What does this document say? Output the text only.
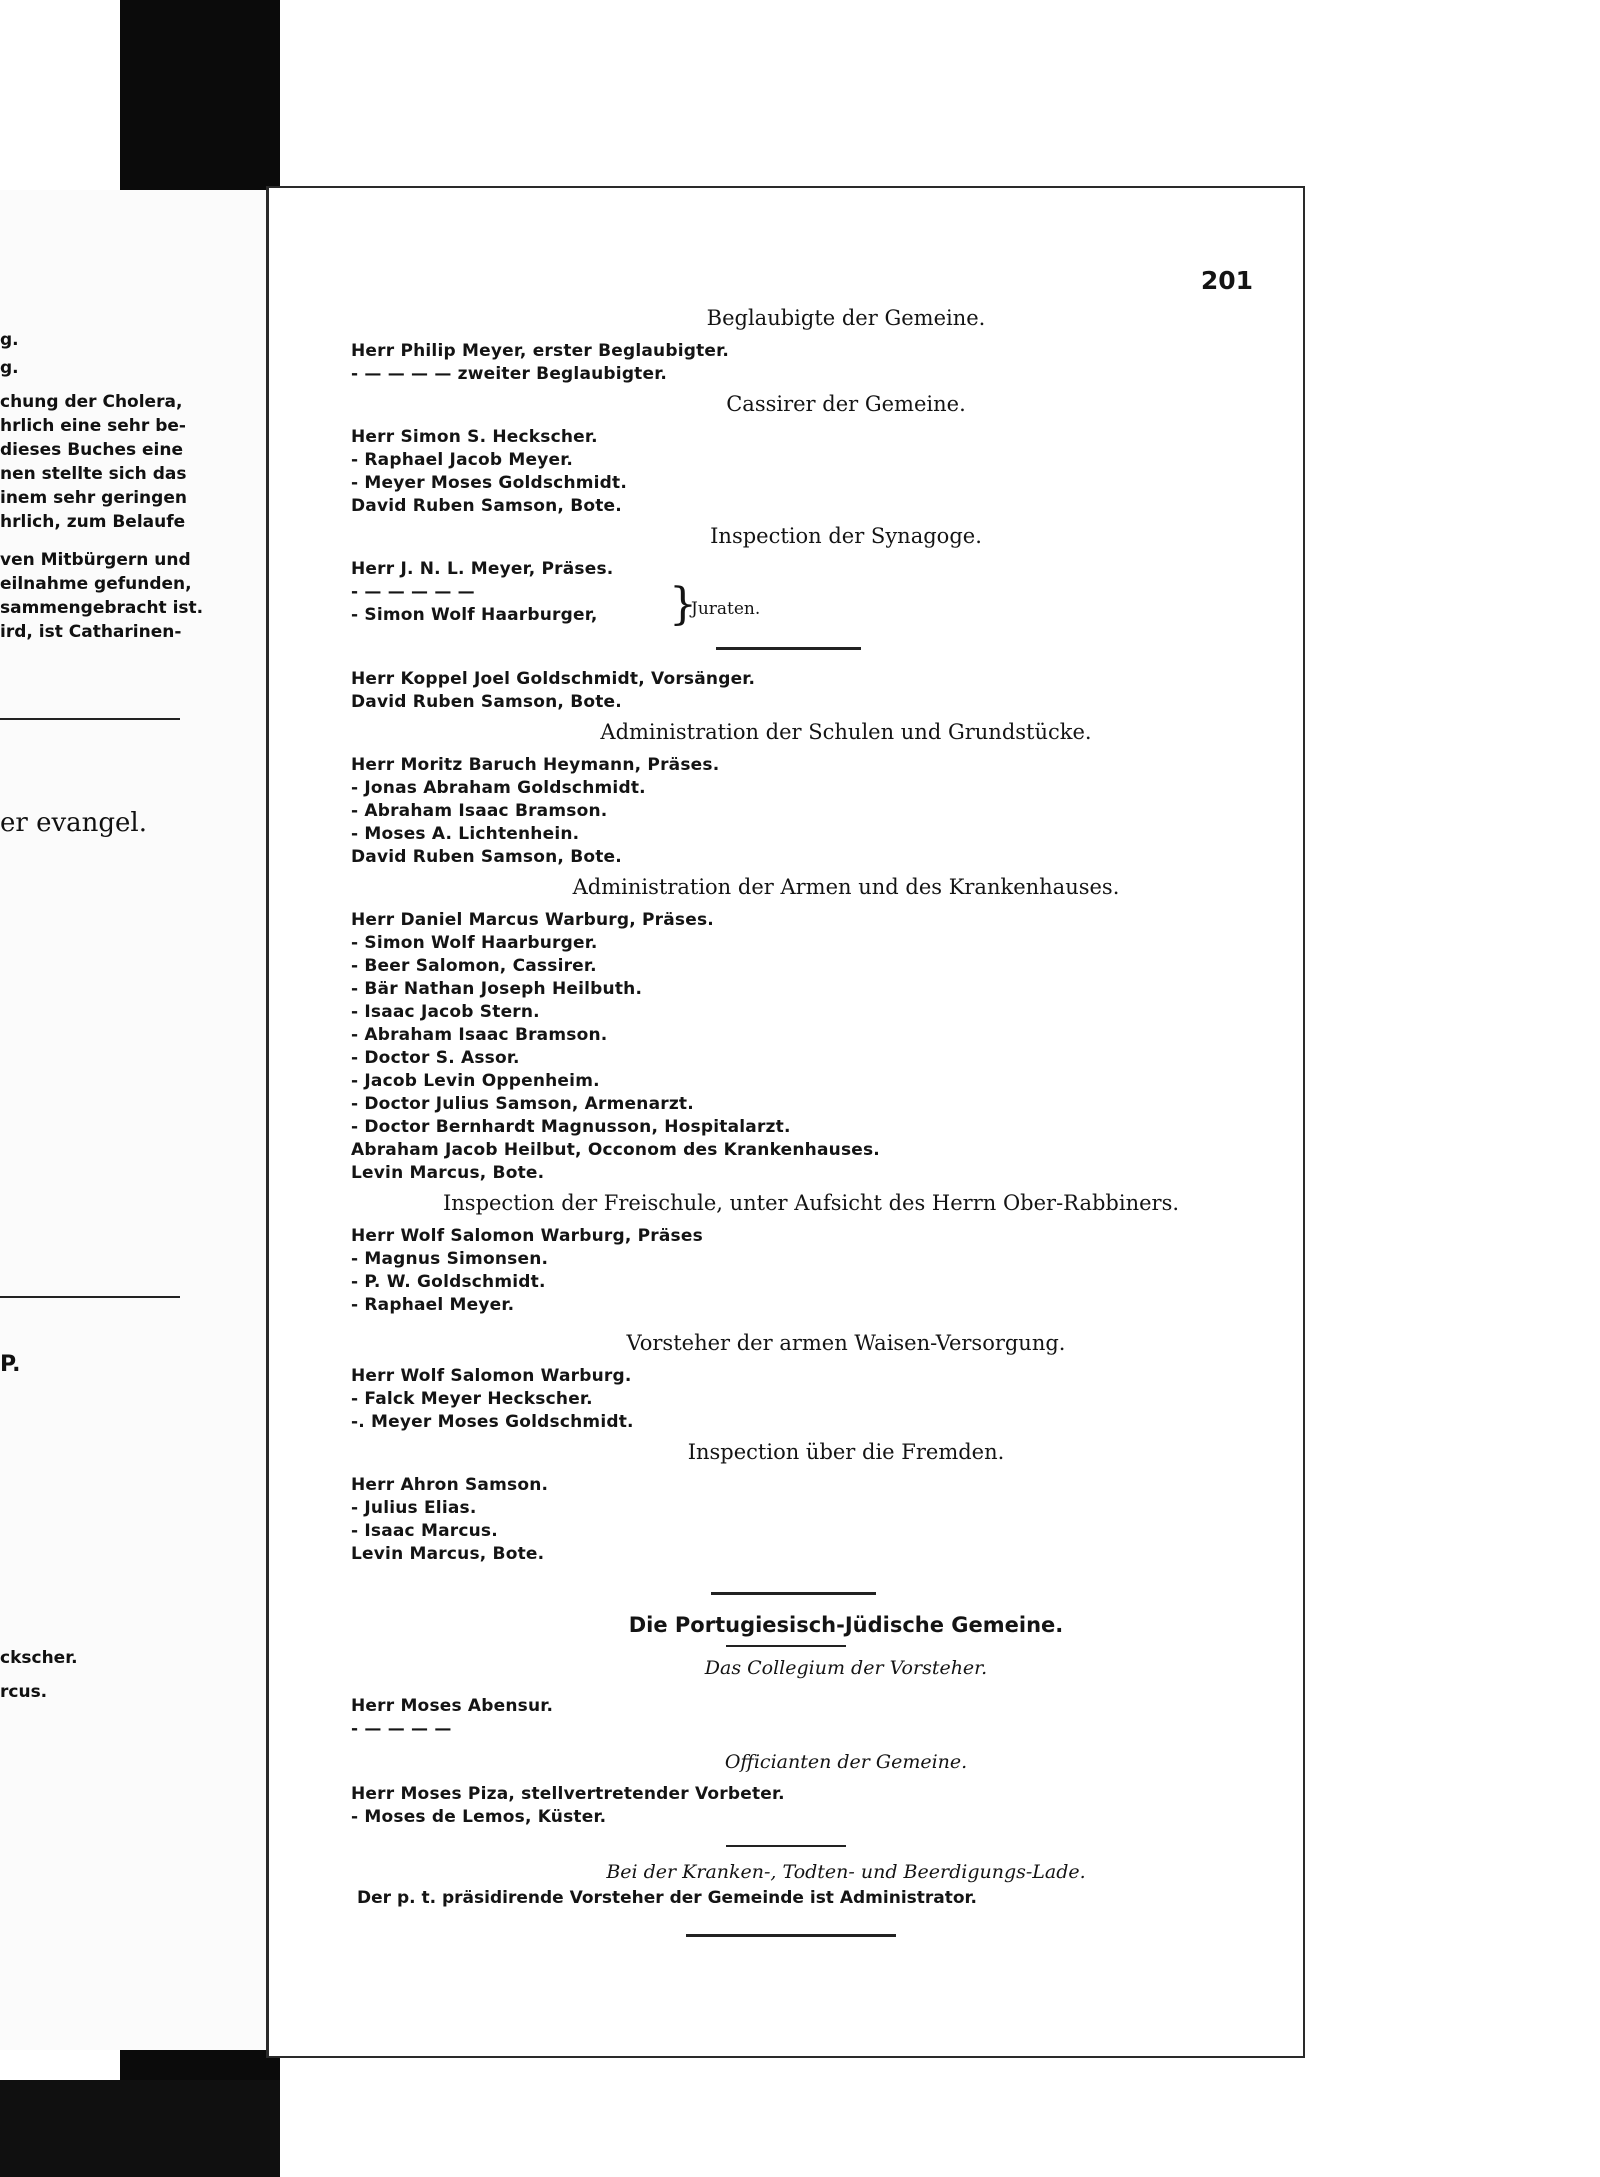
g.
g.
chung der Cholera,
hrlich eine sehr be-
dieses Buches eine
nen stellte sich das
inem sehr geringen
hrlich, zum Belaufe
ven Mitbürgern und
eilnahme gefunden,
sammengebracht ist.
ird, ist Catharinen-
er evangel.
P.
ckscher.
rcus.
201
Beglaubigte der Gemeine.
Herr Philip Meyer, erster Beglaubigter.
- — — — — zweiter Beglaubigter.
Cassirer der Gemeine.
Herr Simon S. Heckscher.
- Raphael Jacob Meyer.
- Meyer Moses Goldschmidt.
David Ruben Samson, Bote.
Inspection der Synagoge.
Herr J. N. L. Meyer, Präses.
- — — — — —
- Simon Wolf Haarburger,	}
Juraten.
Herr Koppel Joel Goldschmidt, Vorsänger.
David Ruben Samson, Bote.
Administration der Schulen und Grundstücke.
Herr Moritz Baruch Heymann, Präses.
- Jonas Abraham Goldschmidt.
- Abraham Isaac Bramson.
- Moses A. Lichtenhein.
David Ruben Samson, Bote.
Administration der Armen und des Krankenhauses.
Herr Daniel Marcus Warburg, Präses.
- Simon Wolf Haarburger.
- Beer Salomon, Cassirer.
- Bär Nathan Joseph Heilbuth.
- Isaac Jacob Stern.
- Abraham Isaac Bramson.
- Doctor S. Assor.
- Jacob Levin Oppenheim.
- Doctor Julius Samson, Armenarzt.
- Doctor Bernhardt Magnusson, Hospitalarzt.
Abraham Jacob Heilbut, Occonom des Krankenhauses.
Levin Marcus, Bote.
Inspection der Freischule, unter Aufsicht des Herrn Ober-Rabbiners.
Herr Wolf Salomon Warburg, Präses
- Magnus Simonsen.
- P. W. Goldschmidt.
- Raphael Meyer.
Vorsteher der armen Waisen-Versorgung.
Herr Wolf Salomon Warburg.
- Falck Meyer Heckscher.
-. Meyer Moses Goldschmidt.
Inspection über die Fremden.
Herr Ahron Samson.
- Julius Elias.
- Isaac Marcus.
Levin Marcus, Bote.
Die Portugiesisch-Jüdische Gemeine.
Das Collegium der Vorsteher.
Herr Moses Abensur.
- — — — —
Officianten der Gemeine.
Herr Moses Piza, stellvertretender Vorbeter.
- Moses de Lemos, Küster.
Bei der Kranken-, Todten- und Beerdigungs-Lade.
Der p. t. präsidirende Vorsteher der Gemeinde ist Administrator.
